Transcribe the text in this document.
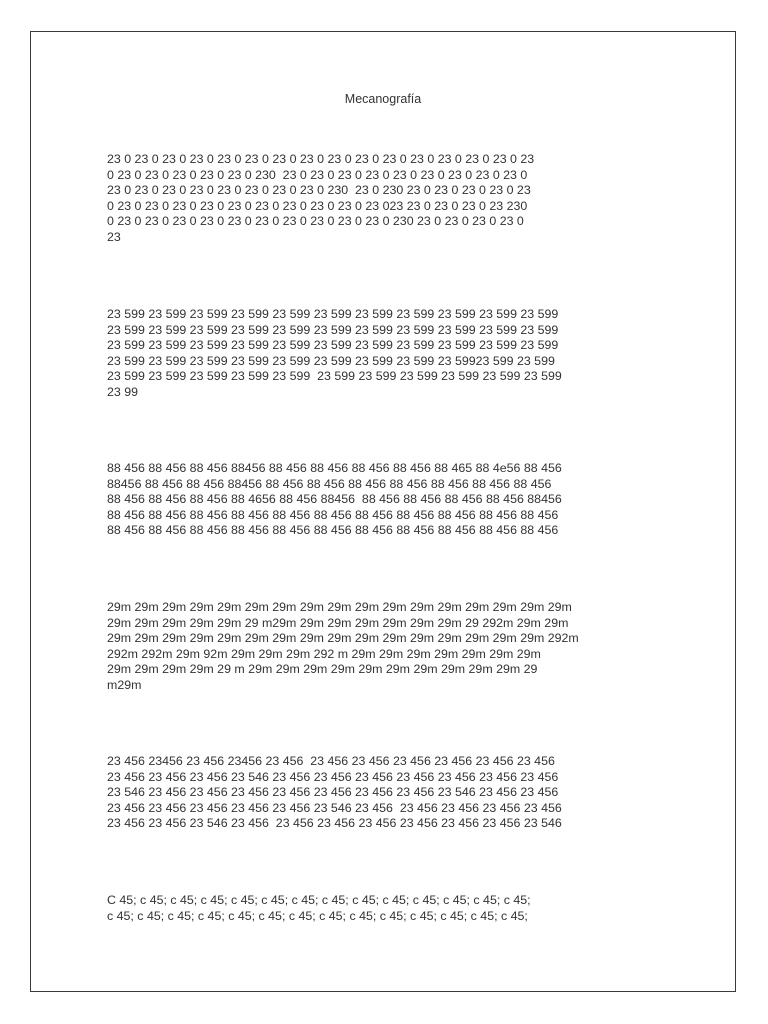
Mecanografía

23 0 23 0 23 0 23 0 23 0 23 0 23 0 23 0 23 0 23 0 23 0 23 0 23 0 23 0 23 0 23
0 23 0 23 0 23 0 23 0 23 0 230  23 0 23 0 23 0 23 0 23 0 23 0 23 0 23 0 23 0
23 0 23 0 23 0 23 0 23 0 23 0 23 0 23 0 230  23 0 230 23 0 23 0 23 0 23 0 23
0 23 0 23 0 23 0 23 0 23 0 23 0 23 0 23 0 23 0 23 023 23 0 23 0 23 0 23 230
0 23 0 23 0 23 0 23 0 23 0 23 0 23 0 23 0 23 0 23 0 230 23 0 23 0 23 0 23 0
23

23 599 23 599 23 599 23 599 23 599 23 599 23 599 23 599 23 599 23 599 23 599
23 599 23 599 23 599 23 599 23 599 23 599 23 599 23 599 23 599 23 599 23 599
23 599 23 599 23 599 23 599 23 599 23 599 23 599 23 599 23 599 23 599 23 599
23 599 23 599 23 599 23 599 23 599 23 599 23 599 23 599 23 59923 599 23 599
23 599 23 599 23 599 23 599 23 599  23 599 23 599 23 599 23 599 23 599 23 599
23 99

88 456 88 456 88 456 88456 88 456 88 456 88 456 88 456 88 465 88 4e56 88 456
88456 88 456 88 456 88456 88 456 88 456 88 456 88 456 88 456 88 456 88 456
88 456 88 456 88 456 88 4656 88 456 88456  88 456 88 456 88 456 88 456 88456
88 456 88 456 88 456 88 456 88 456 88 456 88 456 88 456 88 456 88 456 88 456
88 456 88 456 88 456 88 456 88 456 88 456 88 456 88 456 88 456 88 456 88 456

29m 29m 29m 29m 29m 29m 29m 29m 29m 29m 29m 29m 29m 29m 29m 29m 29m
29m 29m 29m 29m 29m 29 m29m 29m 29m 29m 29m 29m 29m 29 292m 29m 29m
29m 29m 29m 29m 29m 29m 29m 29m 29m 29m 29m 29m 29m 29m 29m 29m 292m
292m 292m 29m 92m 29m 29m 29m 292 m 29m 29m 29m 29m 29m 29m 29m
29m 29m 29m 29m 29 m 29m 29m 29m 29m 29m 29m 29m 29m 29m 29m 29
m29m

23 456 23456 23 456 23456 23 456  23 456 23 456 23 456 23 456 23 456 23 456
23 456 23 456 23 456 23 546 23 456 23 456 23 456 23 456 23 456 23 456 23 456
23 546 23 456 23 456 23 456 23 456 23 456 23 456 23 456 23 546 23 456 23 456
23 456 23 456 23 456 23 456 23 456 23 546 23 456  23 456 23 456 23 456 23 456
23 456 23 456 23 546 23 456  23 456 23 456 23 456 23 456 23 456 23 456 23 546

C 45; c 45; c 45; c 45; c 45; c 45; c 45; c 45; c 45; c 45; c 45; c 45; c 45; c 45;
c 45; c 45; c 45; c 45; c 45; c 45; c 45; c 45; c 45; c 45; c 45; c 45; c 45; c 45;
